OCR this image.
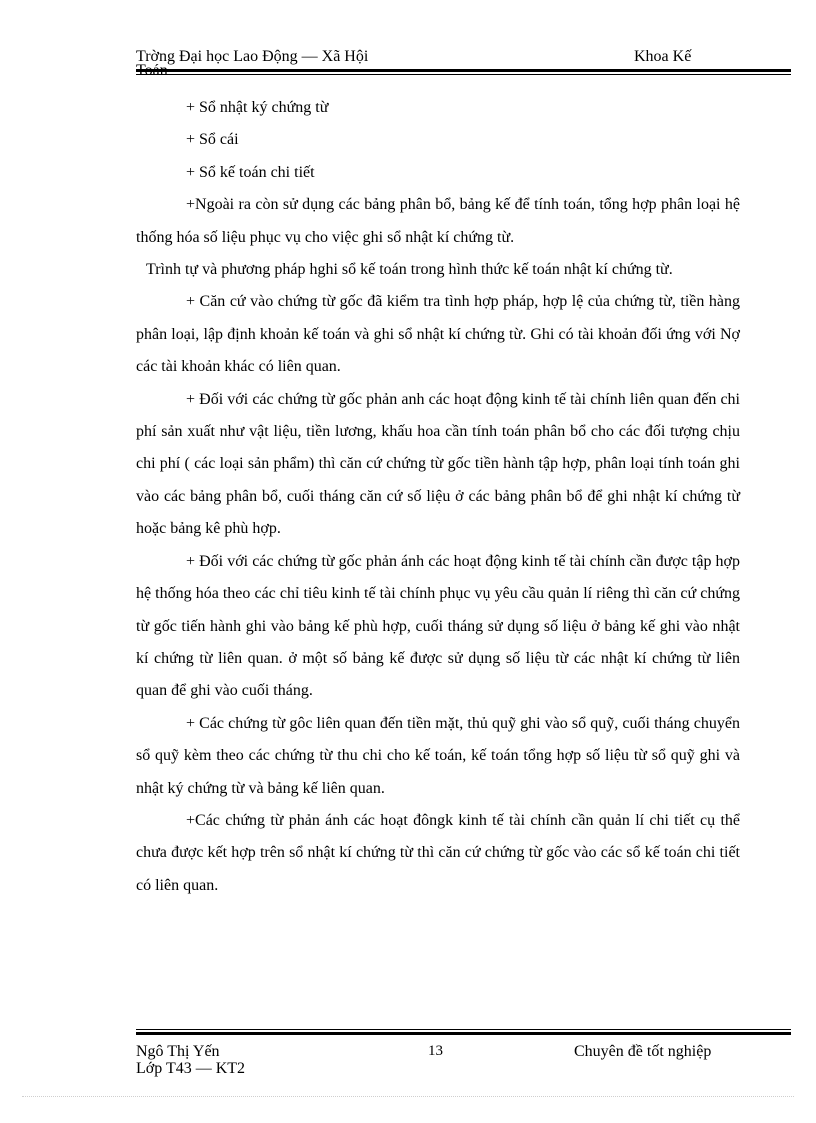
Trờng Đại học Lao Động — Xã Hội	Khoa Kế

+ Sổ nhật ký chứng từ

+ Sổ cái

+ Sổ kế toán chi tiết

+Ngoài ra còn sử dụng các bảng phân bổ, bảng kế để tính toán, tổng hợp phân loại hệ thống hóa số liệu phục vụ cho việc ghi sổ nhật kí chứng từ.

Trình tự và phương pháp hghi sổ kế toán trong hình thức kế toán nhật kí chứng từ.

+ Căn cứ vào chứng từ gốc đã kiểm tra tình hợp pháp, hợp lệ của chứng từ, tiền hàng phân loại, lập định khoản kế toán và ghi sổ nhật kí chứng từ. Ghi có tài khoản đối ứng với Nợ các tài khoản khác có liên quan.

+ Đối với các chứng từ gốc phản anh các hoạt động kinh tế tài chính liên quan đến chi phí sản xuất như vật liệu, tiền lương, khấu hoa cần tính toán phân bổ cho các đối tượng chịu chi phí ( các loại sản phẩm) thì căn cứ chứng từ gốc tiền hành tập hợp, phân loại tính toán ghi vào các bảng phân bổ, cuối tháng căn cứ số liệu ở các bảng phân bổ để ghi nhật kí chứng từ hoặc bảng kê phù hợp.

+ Đối với các chứng từ gốc phản ánh các hoạt động kinh tế tài chính cần được tập hợp hệ thống hóa theo các chỉ tiêu kinh tế tài chính phục vụ yêu cầu quản lí riêng thì căn cứ chứng từ gốc tiến hành ghi vào bảng kế phù hợp, cuối tháng sử dụng số liệu ở bảng kế ghi vào nhật kí chứng từ liên quan. ở một số bảng kế được sử dụng số liệu từ các nhật kí chứng từ liên quan để ghi vào cuối tháng.

+ Các chứng từ gôc liên quan đến tiền mặt, thủ quỹ ghi vào sổ quỹ, cuối tháng chuyển sổ quỹ kèm theo các chứng từ thu chi cho kế toán, kế toán tổng hợp số liệu từ sổ quỹ ghi và nhật ký chứng từ và bảng kế liên quan.

+Các chứng từ phản ánh các hoạt đôngk kinh tế tài chính cần quản lí chi tiết cụ thể chưa được kết hợp trên sổ nhật kí chứng từ thì căn cứ chứng từ gốc vào các sổ kế toán chi tiết có liên quan.

Ngô Thị Yến
Lớp T43 — KT2
13	Chuyên đề tốt nghiệp
